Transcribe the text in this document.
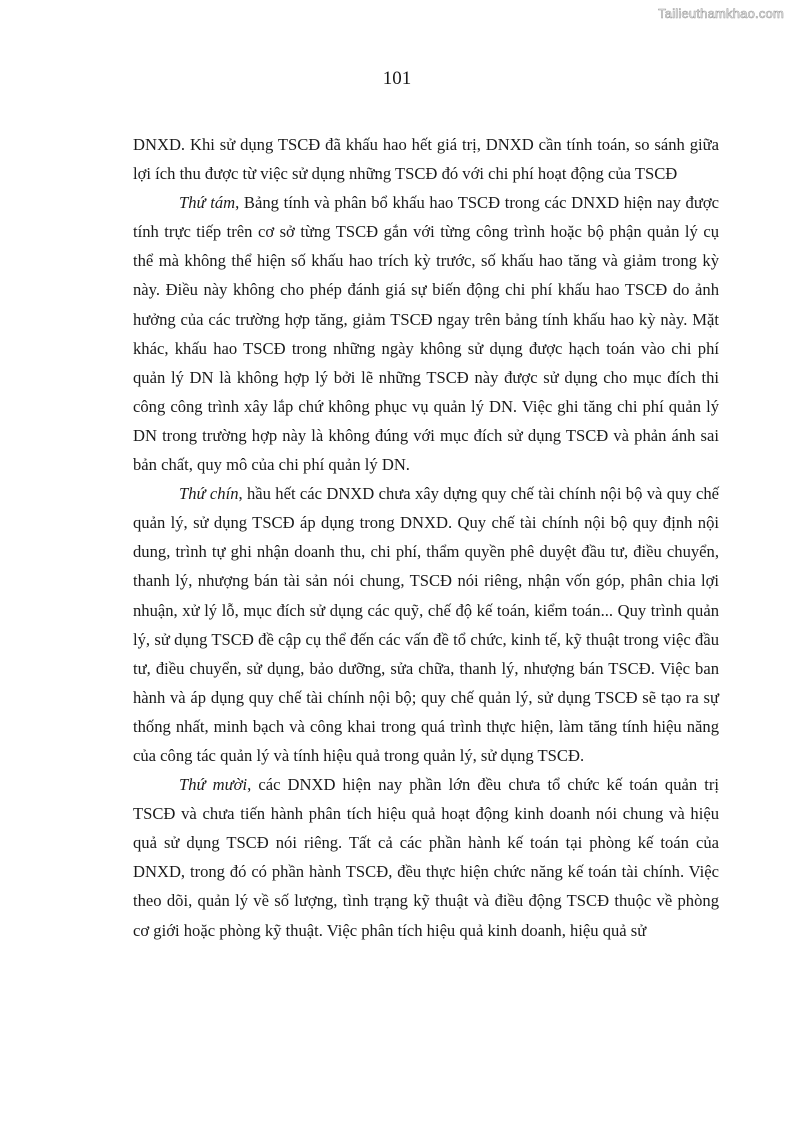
Tailieuthamkhao.com
101

DNXD. Khi sử dụng TSCĐ đã khấu hao hết giá trị, DNXD cần tính toán, so sánh giữa lợi ích thu được từ việc sử dụng những TSCĐ đó với chi phí hoạt động của TSCĐ

Thứ tám, Bảng tính và phân bổ khấu hao TSCĐ trong các DNXD hiện nay được tính trực tiếp trên cơ sở từng TSCĐ gắn với từng công trình hoặc bộ phận quản lý cụ thể mà không thể hiện số khấu hao trích kỳ trước, số khấu hao tăng và giảm trong kỳ này. Điều này không cho phép đánh giá sự biến động chi phí khấu hao TSCĐ do ảnh hưởng của các trường hợp tăng, giảm TSCĐ ngay trên bảng tính khấu hao kỳ này. Mặt khác, khấu hao TSCĐ trong những ngày không sử dụng được hạch toán vào chi phí quản lý DN là không hợp lý bởi lẽ những TSCĐ này được sử dụng cho mục đích thi công công trình xây lắp chứ không phục vụ quản lý DN. Việc ghi tăng chi phí quản lý DN trong trường hợp này là không đúng với mục đích sử dụng TSCĐ và phản ánh sai bản chất, quy mô của chi phí quản lý DN.

Thứ chín, hầu hết các DNXD chưa xây dựng quy chế tài chính nội bộ và quy chế quản lý, sử dụng TSCĐ áp dụng trong DNXD. Quy chế tài chính nội bộ quy định nội dung, trình tự ghi nhận doanh thu, chi phí, thẩm quyền phê duyệt đầu tư, điều chuyển, thanh lý, nhượng bán tài sản nói chung, TSCĐ nói riêng, nhận vốn góp, phân chia lợi nhuận, xử lý lỗ, mục đích sử dụng các quỹ, chế độ kế toán, kiểm toán... Quy trình quản lý, sử dụng TSCĐ đề cập cụ thể đến các vấn đề tổ chức, kinh tế, kỹ thuật trong việc đầu tư, điều chuyển, sử dụng, bảo dưỡng, sửa chữa, thanh lý, nhượng bán TSCĐ. Việc ban hành và áp dụng quy chế tài chính nội bộ; quy chế quản lý, sử dụng TSCĐ sẽ tạo ra sự thống nhất, minh bạch và công khai trong quá trình thực hiện, làm tăng tính hiệu năng của công tác quản lý và tính hiệu quả trong quản lý, sử dụng TSCĐ.

Thứ mười, các DNXD hiện nay phần lớn đều chưa tổ chức kế toán quản trị TSCĐ và chưa tiến hành phân tích hiệu quả hoạt động kinh doanh nói chung và hiệu quả sử dụng TSCĐ nói riêng. Tất cả các phần hành kế toán tại phòng kế toán của DNXD, trong đó có phần hành TSCĐ, đều thực hiện chức năng kế toán tài chính. Việc theo dõi, quản lý về số lượng, tình trạng kỹ thuật và điều động TSCĐ thuộc về phòng cơ giới hoặc phòng kỹ thuật. Việc phân tích hiệu quả kinh doanh, hiệu quả sử
